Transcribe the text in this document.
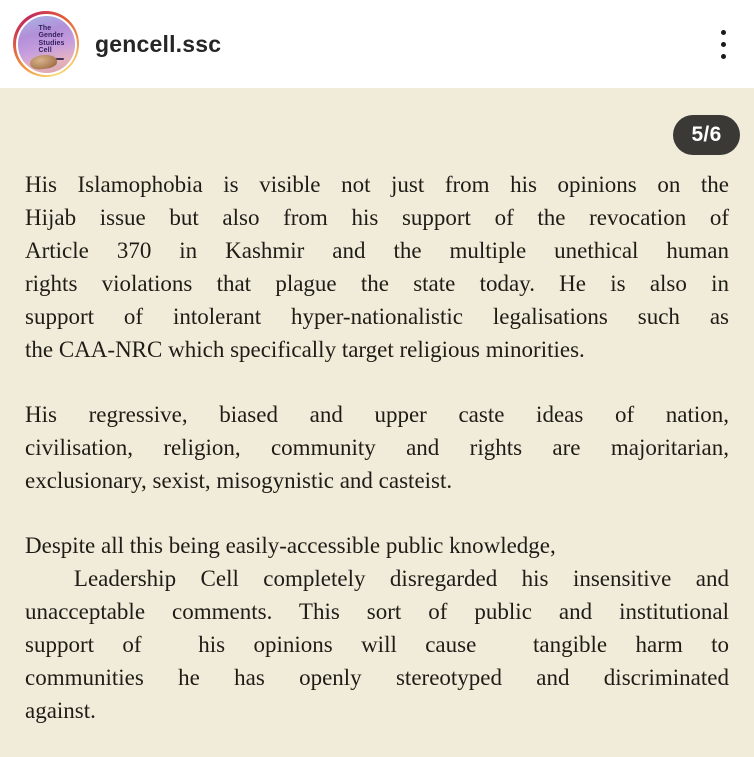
The
Gender
Studies
Cell	gencell.ssc
5/6
His Islamophobia is visible not just from his opinions on the
Hijab issue but also from his support of the revocation of
Article 370 in Kashmir and the multiple unethical human
rights violations that plague the state today. He is also in
support of intolerant hyper-nationalistic legalisations such as
the CAA-NRC which specifically target religious minorities.
His regressive, biased and upper caste ideas of nation,
civilisation, religion, community and rights are majoritarian,
exclusionary, sexist, misogynistic and casteist.
Despite all this being easily-accessible public knowledge,
Leadership Cell completely disregarded his insensitive and
unacceptable comments. This sort of public and institutional
support of  his opinions will cause  tangible harm to
communities he has openly stereotyped and discriminated
against.
